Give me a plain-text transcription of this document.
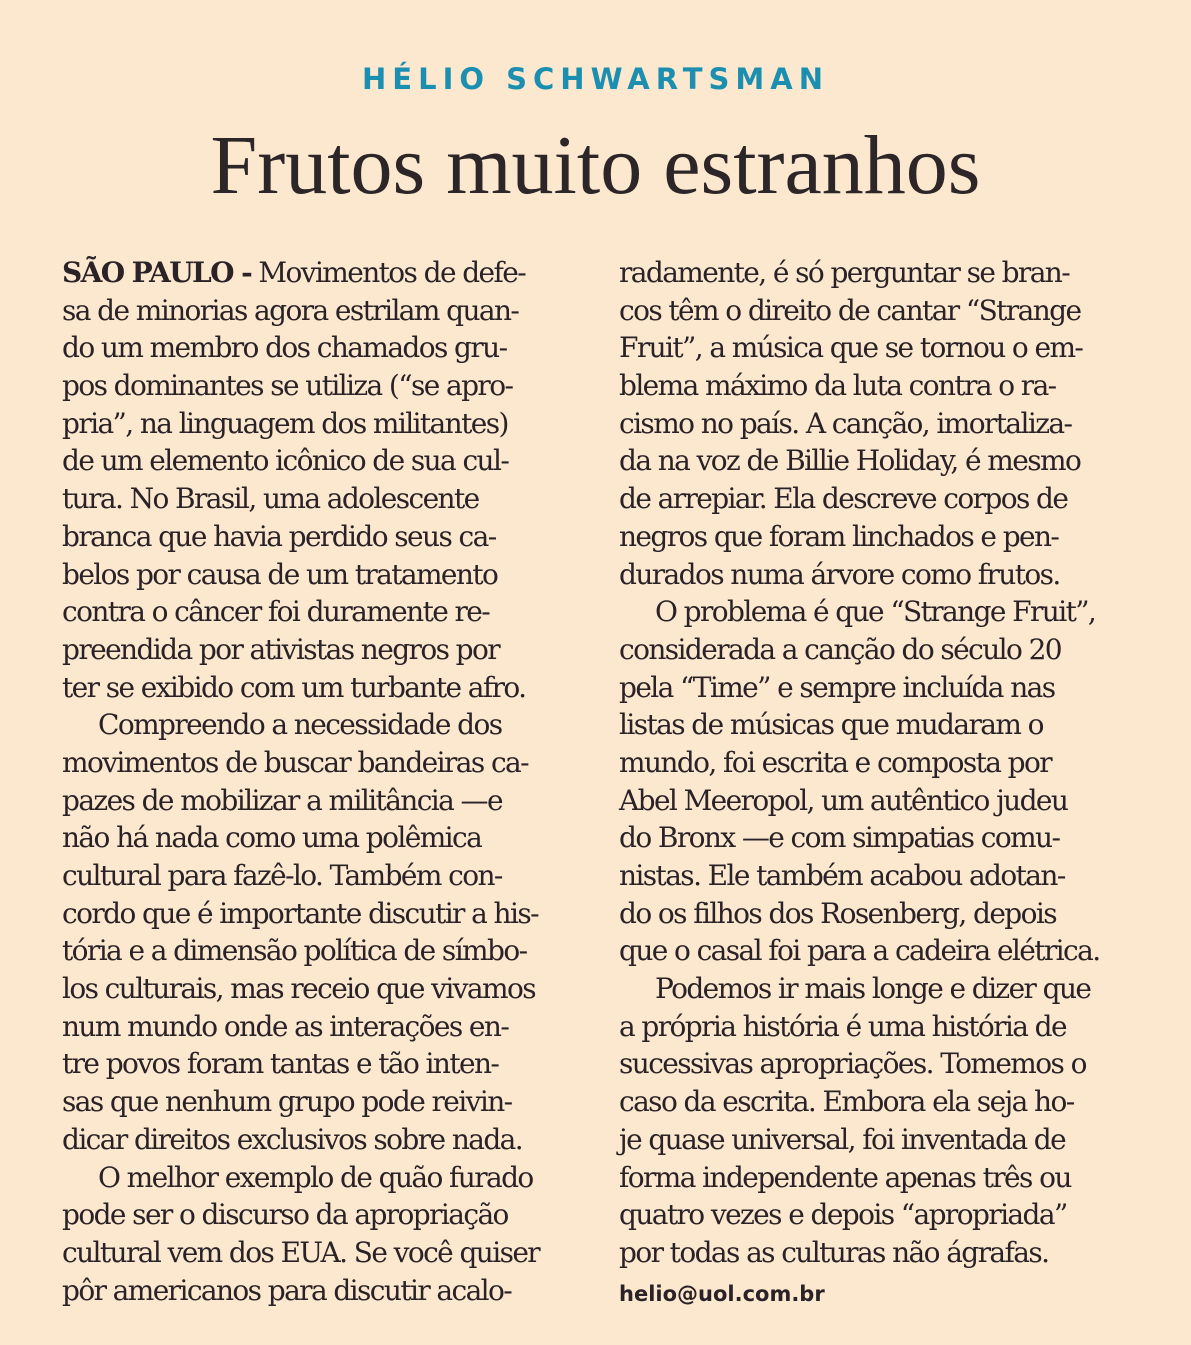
HÉLIO SCHWARTSMAN
Frutos muito estranhos
SÃO PAULO - Movimentos de defe-
sa de minorias agora estrilam quan-
do um membro dos chamados gru-
pos dominantes se utiliza (“se apro-
pria”, na linguagem dos militantes)
de um elemento icônico de sua cul-
tura. No Brasil, uma adolescente
branca que havia perdido seus ca-
belos por causa de um tratamento
contra o câncer foi duramente re-
preendida por ativistas negros por
ter se exibido com um turbante afro.
Compreendo a necessidade dos
movimentos de buscar bandeiras ca-
pazes de mobilizar a militância —e
não há nada como uma polêmica
cultural para fazê-lo. Também con-
cordo que é importante discutir a his-
tória e a dimensão política de símbo-
los culturais, mas receio que vivamos
num mundo onde as interações en-
tre povos foram tantas e tão inten-
sas que nenhum grupo pode reivin-
dicar direitos exclusivos sobre nada.
O melhor exemplo de quão furado
pode ser o discurso da apropriação
cultural vem dos EUA. Se você quiser
pôr americanos para discutir acalo-
radamente, é só perguntar se bran-
cos têm o direito de cantar “Strange
Fruit”, a música que se tornou o em-
blema máximo da luta contra o ra-
cismo no país. A canção, imortaliza-
da na voz de Billie Holiday, é mesmo
de arrepiar. Ela descreve corpos de
negros que foram linchados e pen-
durados numa árvore como frutos.
O problema é que “Strange Fruit”,
considerada a canção do século 20
pela “Time” e sempre incluída nas
listas de músicas que mudaram o
mundo, foi escrita e composta por
Abel Meeropol, um autêntico judeu
do Bronx —e com simpatias comu-
nistas. Ele também acabou adotan-
do os filhos dos Rosenberg, depois
que o casal foi para a cadeira elétrica.
Podemos ir mais longe e dizer que
a própria história é uma história de
sucessivas apropriações. Tomemos o
caso da escrita. Embora ela seja ho-
je quase universal, foi inventada de
forma independente apenas três ou
quatro vezes e depois “apropriada”
por todas as culturas não ágrafas.
helio@uol.com.br
